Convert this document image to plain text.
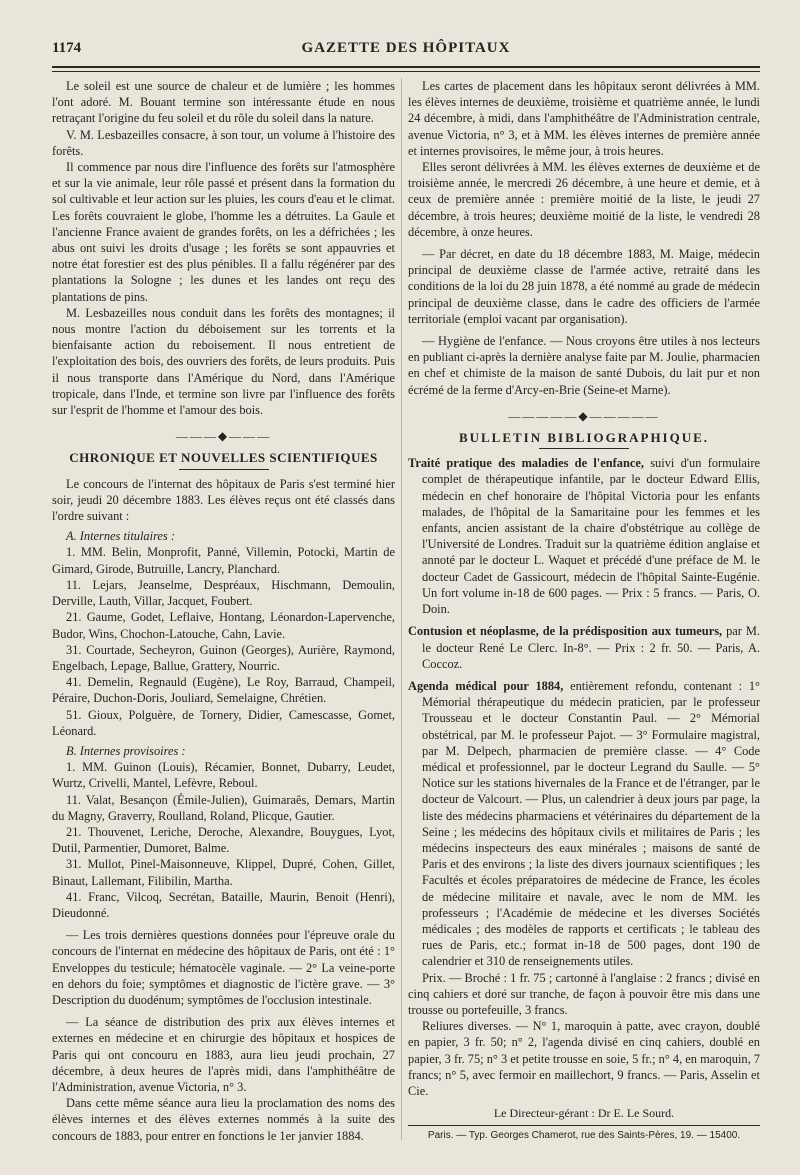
1174	GAZETTE DES HÔPITAUX

Le soleil est une source de chaleur et de lumière ; les hommes l'ont adoré. M. Bouant termine son intéressante étude en nous retraçant l'origine du feu soleil et du rôle du soleil dans la nature.

V. M. Lesbazeilles consacre, à son tour, un volume à l'histoire des forêts.

Il commence par nous dire l'influence des forêts sur l'atmosphère et sur la vie animale, leur rôle passé et présent dans la formation du sol cultivable et leur action sur les pluies, les cours d'eau et le climat. Les forêts couvraient le globe, l'homme les a détruites. La Gaule et l'ancienne France avaient de grandes forêts, on les a défrichées ; les abus ont suivi les droits d'usage ; les forêts se sont appauvries et notre état forestier est des plus pénibles. Il a fallu régénérer par des plantations la Sologne ; les dunes et les landes ont reçu des plantations de pins.

M. Lesbazeilles nous conduit dans les forêts des montagnes; il nous montre l'action du déboisement sur les torrents et la bienfaisante action du reboisement. Il nous entretient de l'exploitation des bois, des ouvriers des forêts, de leurs produits. Puis il nous transporte dans l'Amérique du Nord, dans l'Amérique tropicale, dans l'Inde, et termine son livre par l'influence des forêts sur l'esprit de l'homme et l'amour des bois.

―――◆―――
CHRONIQUE ET NOUVELLES SCIENTIFIQUES

Le concours de l'internat des hôpitaux de Paris s'est terminé hier soir, jeudi 20 décembre 1883. Les élèves reçus ont été classés dans l'ordre suivant :

A. Internes titulaires :

1. MM. Belin, Monprofit, Panné, Villemin, Potocki, Martin de Gimard, Girode, Butruille, Lancry, Planchard.

11. Lejars, Jeanselme, Despréaux, Hischmann, Demoulin, Derville, Lauth, Villar, Jacquet, Foubert.

21. Gaume, Godet, Leflaive, Hontang, Léonardon-Lapervenche, Budor, Wins, Chochon-Latouche, Cahn, Lavie.

31. Courtade, Secheyron, Guinon (Georges), Aurière, Raymond, Engelbach, Lepage, Ballue, Grattery, Nourric.

41. Demelin, Regnauld (Eugène), Le Roy, Barraud, Champeil, Péraire, Duchon-Doris, Jouliard, Semelaigne, Chrétien.

51. Gioux, Polguère, de Tornery, Didier, Camescasse, Gomet, Léonard.

B. Internes provisoires :

1. MM. Guinon (Louis), Récamier, Bonnet, Dubarry, Leudet, Wurtz, Crivelli, Mantel, Lefèvre, Reboul.

11. Valat, Besançon (Émile-Julien), Guimaraês, Demars, Martin du Magny, Graverry, Roulland, Roland, Plicque, Gautier.

21. Thouvenet, Leriche, Deroche, Alexandre, Bouygues, Lyot, Dutil, Parmentier, Dumoret, Balme.

31. Mullot, Pinel-Maisonneuve, Klippel, Dupré, Cohen, Gillet, Binaut, Lallemant, Filibilin, Martha.

41. Franc, Vilcoq, Secrétan, Bataille, Maurin, Benoit (Henri), Dieudonné.

— Les trois dernières questions données pour l'épreuve orale du concours de l'internat en médecine des hôpitaux de Paris, ont été : 1° Enveloppes du testicule; hématocèle vaginale. — 2° La veine-porte en dehors du foie; symptômes et diagnostic de l'ictère grave. — 3° Description du duodénum; symptômes de l'occlusion intestinale.

— La séance de distribution des prix aux élèves internes et externes en médecine et en chirurgie des hôpitaux et hospices de Paris qui ont concouru en 1883, aura lieu jeudi prochain, 27 décembre, à deux heures de l'après midi, dans l'amphithéâtre de l'Administration, avenue Victoria, n° 3.

Dans cette même séance aura lieu la proclamation des noms des élèves internes et des élèves externes nommés à la suite des concours de 1883, pour entrer en fonctions le 1er janvier 1884.

Les cartes de placement dans les hôpitaux seront délivrées à MM. les élèves internes de deuxième, troisième et quatrième année, le lundi 24 décembre, à midi, dans l'amphithéâtre de l'Administration centrale, avenue Victoria, n° 3, et à MM. les élèves internes de première année et internes provisoires, le même jour, à trois heures.

Elles seront délivrées à MM. les élèves externes de deuxième et de troisième année, le mercredi 26 décembre, à une heure et demie, et à ceux de première année : première moitié de la liste, le jeudi 27 décembre, à trois heures; deuxième moitié de la liste, le vendredi 28 décembre, à onze heures.

— Par décret, en date du 18 décembre 1883, M. Maige, médecin principal de deuxième classe de l'armée active, retraité dans les conditions de la loi du 28 juin 1878, a été nommé au grade de médecin principal de deuxième classe, dans le cadre des officiers de l'armée territoriale (emploi vacant par organisation).

— Hygiène de l'enfance. — Nous croyons être utiles à nos lecteurs en publiant ci-après la dernière analyse faite par M. Joulie, pharmacien en chef et chimiste de la maison de santé Dubois, du lait pur et non écrémé de la ferme d'Arcy-en-Brie (Seine-et Marne).

―――――◆―――――
BULLETIN BIBLIOGRAPHIQUE.
Traité pratique des maladies de l'enfance, suivi d'un formulaire complet de thérapeutique infantile, par le docteur Edward Ellis, médecin en chef honoraire de l'hôpital Victoria pour les enfants malades, de l'hôpital de la Samaritaine pour les femmes et les enfants, ancien assistant de la chaire d'obstétrique au collège de l'Université de Londres. Traduit sur la quatrième édition anglaise et annoté par le docteur L. Waquet et précédé d'une préface de M. le docteur Cadet de Gassicourt, médecin de l'hôpital Sainte-Eugénie. Un fort volume in-18 de 600 pages. — Prix : 5 francs. — Paris, O. Doin.
Contusion et néoplasme, de la prédisposition aux tumeurs, par M. le docteur René Le Clerc. In-8°. — Prix : 2 fr. 50. — Paris, A. Coccoz.
Agenda médical pour 1884, entièrement refondu, contenant : 1° Mémorial thérapeutique du médecin praticien, par le professeur Trousseau et le docteur Constantin Paul. — 2° Mémorial obstétrical, par M. le professeur Pajot. — 3° Formulaire magistral, par M. Delpech, pharmacien de première classe. — 4° Code médical et professionnel, par le docteur Legrand du Saulle. — 5° Notice sur les stations hivernales de la France et de l'étranger, par le docteur de Valcourt. — Plus, un calendrier à deux jours par page, la liste des médecins pharmaciens et vétérinaires du département de la Seine ; les médecins des hôpitaux civils et militaires de Paris ; les médecins inspecteurs des eaux minérales ; maisons de santé de Paris et des environs ; la liste des divers journaux scientifiques ; les Facultés et écoles préparatoires de médecine de France, les écoles de médecine militaire et navale, avec le nom de MM. les professeurs ; l'Académie de médecine et les diverses Sociétés médicales ; des modèles de rapports et certificats ; le tableau des rues de Paris, etc.; format in-18 de 500 pages, dont 190 de calendrier et 310 de renseignements utiles.

Prix. — Broché : 1 fr. 75 ; cartonné à l'anglaise : 2 francs ; divisé en cinq cahiers et doré sur tranche, de façon à pouvoir être mis dans une trousse ou portefeuille, 3 francs.

Reliures diverses. — N° 1, maroquin à patte, avec crayon, doublé en papier, 3 fr. 50; n° 2, l'agenda divisé en cinq cahiers, doublé en papier, 3 fr. 75; n° 3 et petite trousse en soie, 5 fr.; n° 4, en maroquin, 7 francs; n° 5, avec fermoir en maillechort, 9 francs. — Paris, Asselin et Cie.

Le Directeur-gérant : Dr E. Le Sourd.
Paris. — Typ. Georges Chamerot, rue des Saints-Pères, 19. — 15400.
